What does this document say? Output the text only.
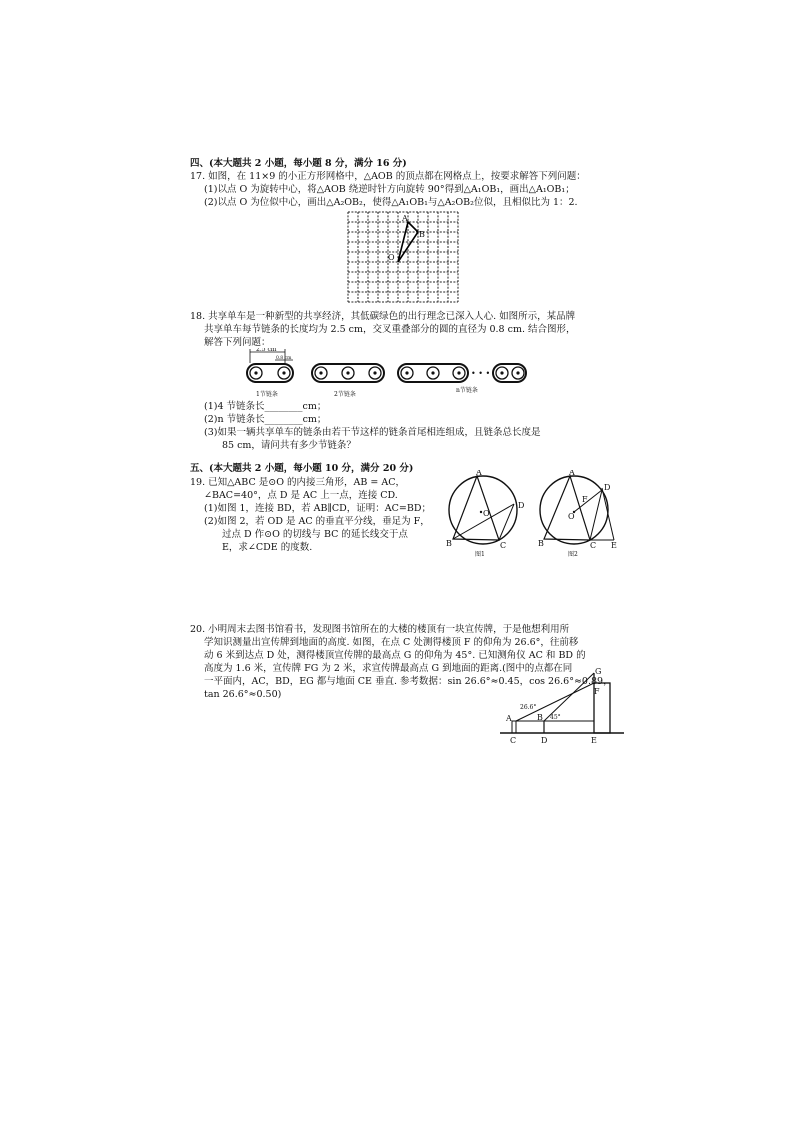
四、(本大题共 2 小题，每小题 8 分，满分 16 分)
17. 如图，在 11×9 的小正方形网格中，△AOB 的顶点都在网格点上，按要求解答下列问题：
(1)以点 O 为旋转中心，将△AOB 绕逆时针方向旋转 90°得到△A₁OB₁，画出△A₁OB₁；
(2)以点 O 为位似中心，画出△A₂OB₂，使得△A₁OB₁与△A₂OB₂位似，且相似比为 1：2.
A
B
O
18. 共享单车是一种新型的共享经济，其低碳绿色的出行理念已深入人心. 如图所示，某品牌
共享单车每节链条的长度均为 2.5 cm，交叉重叠部分的圆的直径为 0.8 cm. 结合图形，
解答下列问题：
2.5 cm
0.8 cm
• • •
1节链条	2节链条
n节链条
(1)4 节链条长________cm；
(2)n 节链条长________cm；
(3)如果一辆共享单车的链条由若干节这样的链条首尾相连组成，且链条总长度是
85 cm，请问共有多少节链条？
五、(本大题共 2 小题，每小题 10 分，满分 20 分)
19. 已知△ABC 是⊙O 的内接三角形，AB = AC，
∠BAC=40°，点 D 是 AC 上一点，连接 CD.
(1)如图 1，连接 BD，若 AB∥CD，证明：AC=BD；
(2)如图 2，若 OD 是 AC 的垂直平分线，垂足为 F，
过点 D 作⊙O 的切线与 BC 的延长线交于点
E，求∠CDE 的度数.
A
B	C
D
O
图1
A
B	C
D
E
F
O
图2
20. 小明周末去图书馆看书，发现图书馆所在的大楼的楼顶有一块宣传牌，于是他想利用所
学知识测量出宣传牌到地面的高度. 如图，在点 C 处测得楼顶 F 的仰角为 26.6°，往前移
动 6 米到达点 D 处，测得楼顶宣传牌的最高点 G 的仰角为 45°. 已知测角仪 AC 和 BD 的
高度为 1.6 米，宣传牌 FG 为 2 米，求宣传牌最高点 G 到地面的距离.(图中的点都在同
一平面内，AC，BD，EG 都与地面 CE 垂直. 参考数据：sin 26.6°≈0.45，cos 26.6°≈0.89，
tan 26.6°≈0.50)
A	B
C	D	E
F
G
26.6°
45°
